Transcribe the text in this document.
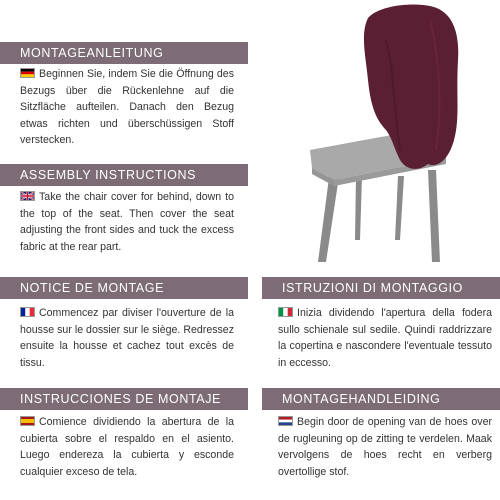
MONTAGEANLEITUNG
Beginnen Sie, indem Sie die Öffnung des Bezugs über die Rückenlehne auf die Sitzfläche aufteilen. Danach den Bezug etwas richten und überschüssigen Stoff verstecken.
ASSEMBLY INSTRUCTIONS
Take the chair cover for behind, down to the top of the seat. Then cover the seat adjusting the front sides and tuck the excess fabric at the rear part.
NOTICE DE MONTAGE
Commencez par diviser l'ouverture de la housse sur le dossier sur le siège. Redressez ensuite la housse et cachez tout excès de tissu.
ISTRUZIONI DI MONTAGGIO
Inizia dividendo l'apertura della fodera sullo schienale sul sedile. Quindi raddrizzare la copertina e nascondere l'eventuale tessuto in eccesso.
INSTRUCCIONES DE MONTAJE
Comience dividiendo la abertura de la cubierta sobre el respaldo en el asiento. Luego endereza la cubierta y esconde cualquier exceso de tela.
MONTAGEHANDLEIDING
Begin door de opening van de hoes over de rugleuning op de zitting te verdelen. Maak vervolgens de hoes recht en verberg overtollige stof.
